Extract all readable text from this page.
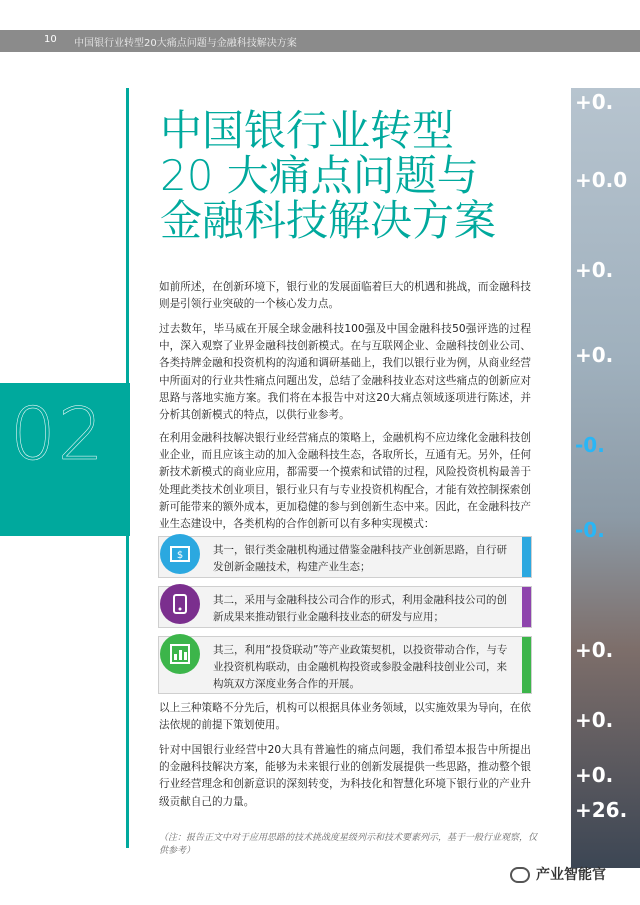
10 中国银行业转型20大痛点问题与金融科技解决方案
02
+0.
+0.0
+0.
+0.
-0.
-0.
+0.
+0.
+0.
+26.
中国银行业转型
20 大痛点问题与
金融科技解决方案
如前所述，在创新环境下，银行业的发展面临着巨大的机遇和挑战，而金融科技则是引领行业突破的一个核心发力点。
过去数年，毕马威在开展全球金融科技100强及中国金融科技50强评选的过程中，深入观察了业界金融科技创新模式。在与互联网企业、金融科技创业公司、各类持牌金融和投资机构的沟通和调研基础上，我们以银行业为例，从商业经营中所面对的行业共性痛点问题出发，总结了金融科技业态对这些痛点的创新应对思路与落地实施方案。我们将在本报告中对这20大痛点领域逐项进行陈述，并分析其创新模式的特点，以供行业参考。
在利用金融科技解决银行业经营痛点的策略上，金融机构不应边缘化金融科技创业企业，而且应该主动的加入金融科技生态，各取所长，互通有无。另外，任何新技术新模式的商业应用，都需要一个摸索和试错的过程，风险投资机构最善于处理此类技术创业项目，银行业只有与专业投资机构配合，才能有效控制探索创新可能带来的额外成本，更加稳健的参与到创新生态中来。因此，在金融科技产业生态建设中，各类机构的合作创新可以有多种实现模式：
其一，银行类金融机构通过借鉴金融科技产业创新思路，自行研发创新金融技术，构建产业生态；
$
其二，采用与金融科技公司合作的形式，利用金融科技公司的创新成果来推动银行业金融科技业态的研发与应用；
其三，利用“投贷联动”等产业政策契机，以投资带动合作，与专业投资机构联动，由金融机构投资或参股金融科技创业公司，来构筑双方深度业务合作的开展。
以上三种策略不分先后，机构可以根据具体业务领域，以实施效果为导向，在依法依规的前提下策划使用。
针对中国银行业经营中20大具有普遍性的痛点问题，我们希望本报告中所提出的金融科技解决方案，能够为未来银行业的创新发展提供一些思路，推动整个银行业经营理念和创新意识的深刻转变，为科技化和智慧化环境下银行业的产业升级贡献自己的力量。
（注：报告正文中对于应用思路的技术挑战度星级列示和技术要素列示，基于一般行业观察，仅供参考）
产业智能官
